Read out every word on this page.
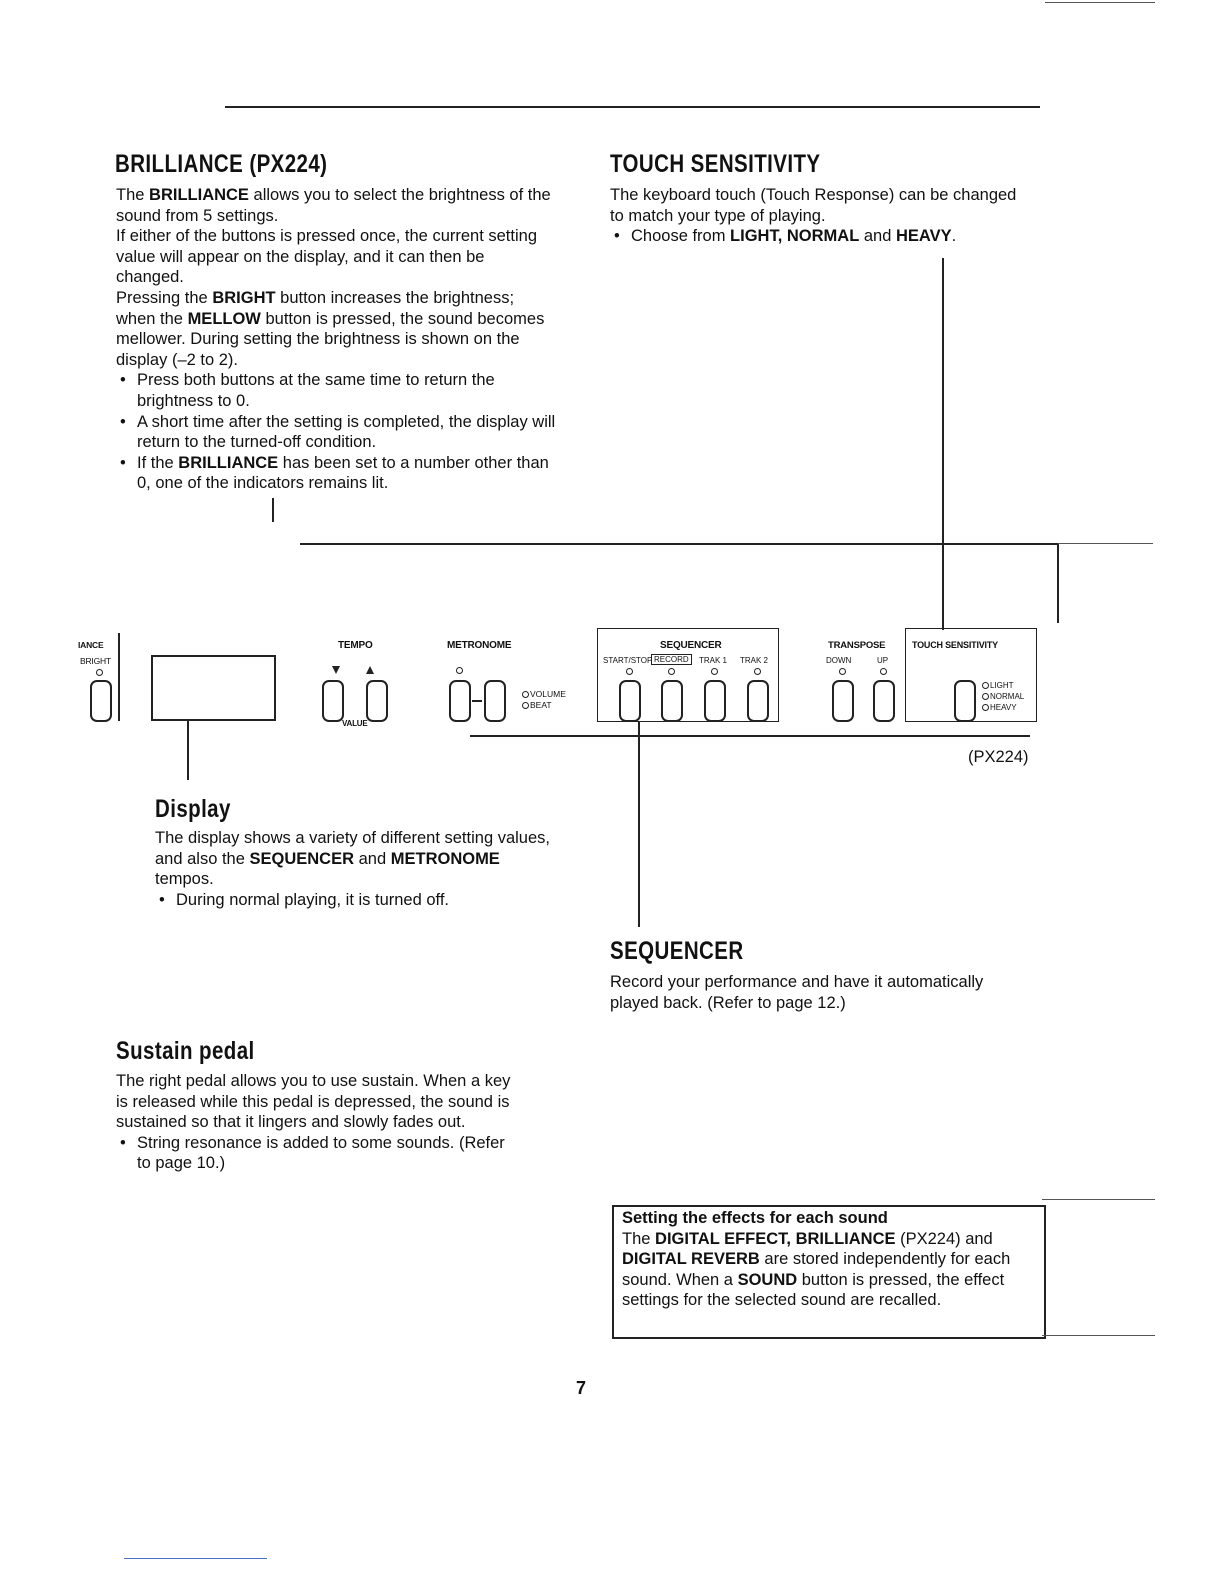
BRILLIANCE (PX224)

The BRILLIANCE allows you to select the brightness of the sound from 5 settings.

If either of the buttons is pressed once, the current setting value will appear on the display, and it can then be changed.

Pressing the BRIGHT button increases the brightness; when the MELLOW button is pressed, the sound becomes mellower. During setting the brightness is shown on the display (–2 to 2).

• Press both buttons at the same time to return the brightness to 0.
• A short time after the setting is completed, the display will return to the turned-off condition.
• If the BRILLIANCE has been set to a number other than 0, one of the indicators remains lit.
TOUCH SENSITIVITY

The keyboard touch (Touch Response) can be changed to match your type of playing.

• Choose from LIGHT, NORMAL and HEAVY.
IANCE
BRIGHT
TEMPO
VALUE
METRONOME
VOLUME
BEAT
SEQUENCER
START/STOP RECORD	TRAK 1 TRAK 2
TRANSPOSE
DOWN	UP
TOUCH SENSITIVITY
LIGHT
NORMAL
HEAVY
(PX224)
Display

The display shows a variety of different setting values, and also the SEQUENCER and METRONOME tempos.

• During normal playing, it is turned off.
SEQUENCER

Record your performance and have it automatically played back. (Refer to page 12.)

Sustain pedal

The right pedal allows you to use sustain. When a key is released while this pedal is depressed, the sound is sustained so that it lingers and slowly fades out.

• String resonance is added to some sounds. (Refer to page 10.)

Setting the effects for each sound

The DIGITAL EFFECT, BRILLIANCE (PX224) and DIGITAL REVERB are stored independently for each sound. When a SOUND button is pressed, the effect settings for the selected sound are recalled.

7
